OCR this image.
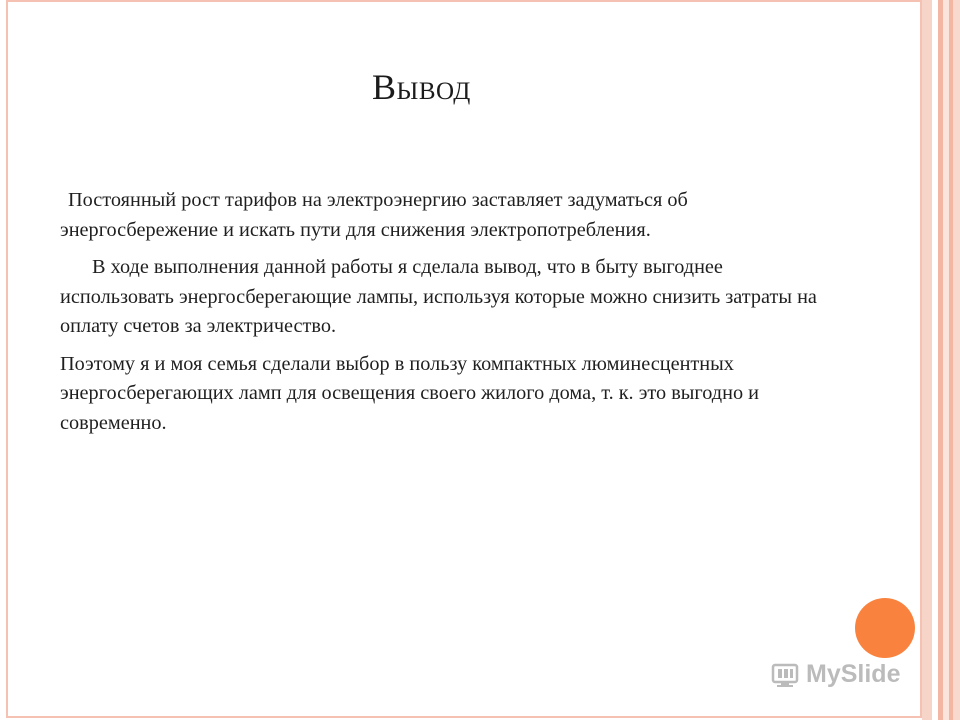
Вывод

Постоянный рост тарифов на электроэнергию заставляет задуматься об энергосбережение и искать пути для снижения электропотребления.

В ходе выполнения данной работы я сделала вывод, что в быту выгоднее использовать энергосберегающие лампы, используя которые можно снизить затраты на оплату счетов за электричество.

Поэтому я и моя семья сделали выбор в пользу компактных люминесцентных энергосберегающих ламп для освещения своего жилого дома, т. к. это выгодно и современно.

MySlide
